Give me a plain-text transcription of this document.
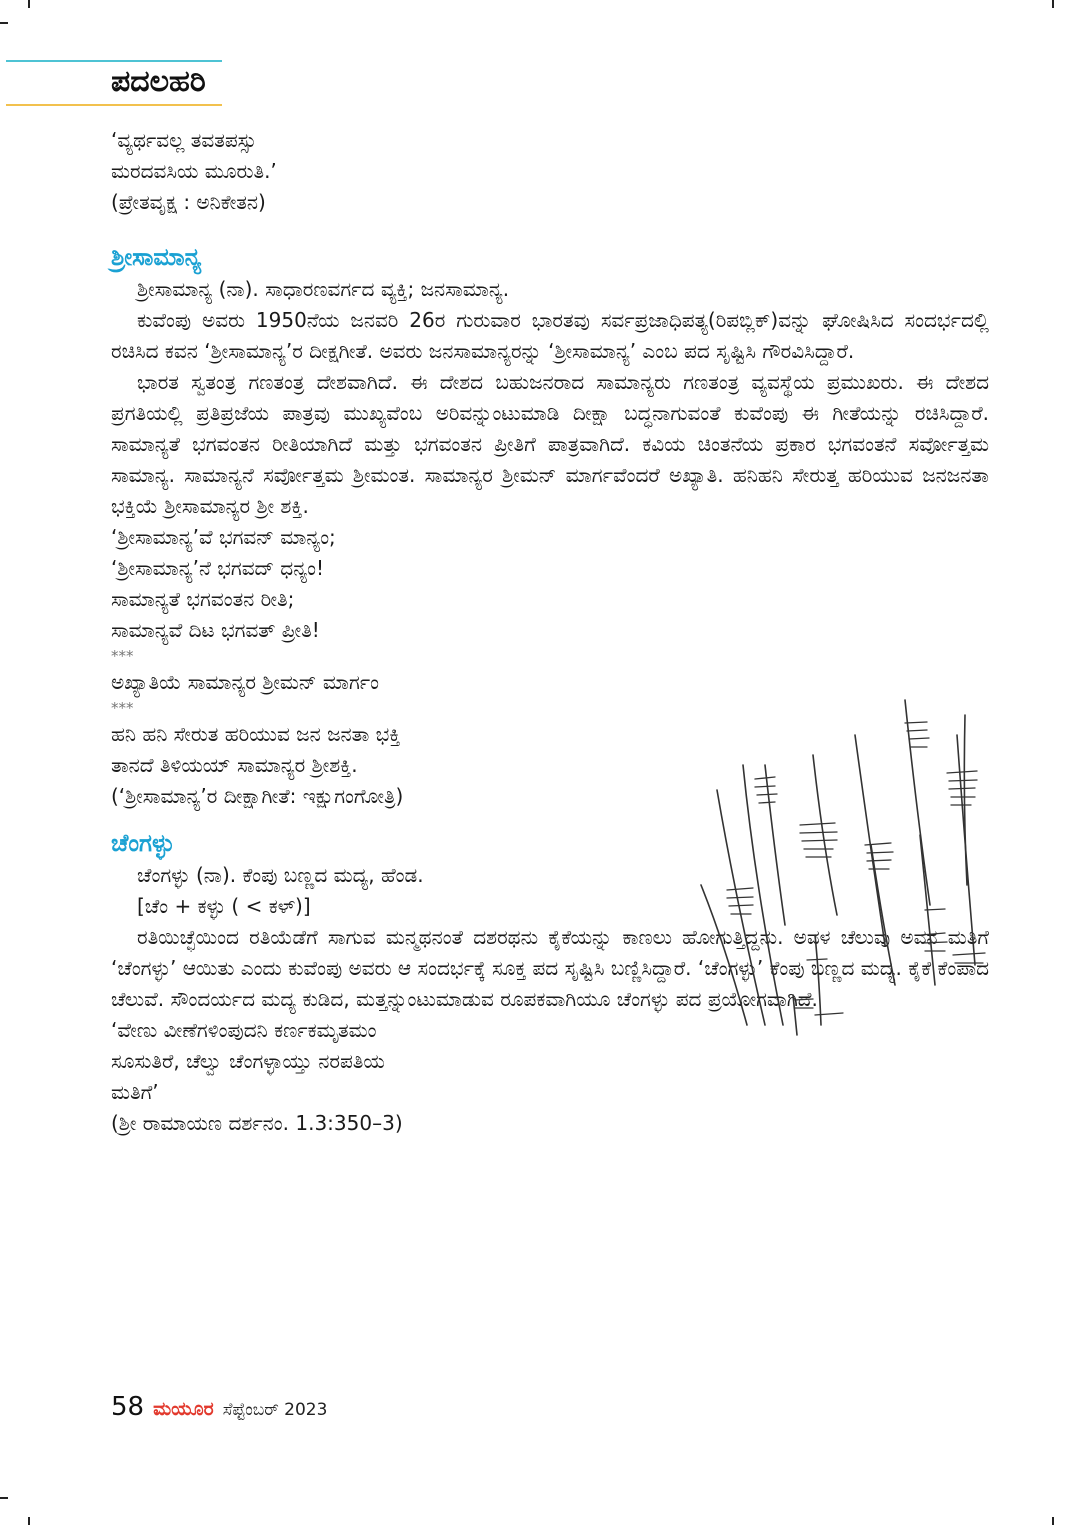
ಪದಲಹರಿ

‘ವ್ಯರ್ಥವಲ್ಲ ತವತಪಸ್ಸು
ಮರದವಸಿಯ ಮೂರುತಿ.’
(ಪ್ರೇತವೃಕ್ಷ : ಅನಿಕೇತನ)

ಶ್ರೀಸಾಮಾನ್ಯ

ಶ್ರೀಸಾಮಾನ್ಯ (ನಾ). ಸಾಧಾರಣವರ್ಗದ ವ್ಯಕ್ತಿ; ಜನಸಾಮಾನ್ಯ.

ಕುವೆಂಪು ಅವರು 1950ನೆಯ ಜನವರಿ 26ರ ಗುರುವಾರ ಭಾರತವು ಸರ್ವಪ್ರಜಾಧಿಪತ್ಯ(ರಿಪಬ್ಲಿಕ್)ವನ್ನು ಘೋಷಿಸಿದ ಸಂದರ್ಭದಲ್ಲಿ ರಚಿಸಿದ ಕವನ ‘ಶ್ರೀಸಾಮಾನ್ಯ’ರ ದೀಕ್ಷಗೀತೆ. ಅವರು ಜನಸಾಮಾನ್ಯರನ್ನು ‘ಶ್ರೀಸಾಮಾನ್ಯ’ ಎಂಬ ಪದ ಸೃಷ್ಟಿಸಿ ಗೌರವಿಸಿದ್ದಾರೆ.

ಭಾರತ ಸ್ವತಂತ್ರ ಗಣತಂತ್ರ ದೇಶವಾಗಿದೆ. ಈ ದೇಶದ ಬಹುಜನರಾದ ಸಾಮಾನ್ಯರು ಗಣತಂತ್ರ ವ್ಯವಸ್ಥೆಯ ಪ್ರಮುಖರು. ಈ ದೇಶದ ಪ್ರಗತಿಯಲ್ಲಿ ಪ್ರತಿಪ್ರಜೆಯ ಪಾತ್ರವು ಮುಖ್ಯವೆಂಬ ಅರಿವನ್ನುಂಟುಮಾಡಿ ದೀಕ್ಷಾ ಬದ್ಧನಾಗುವಂತೆ ಕುವೆಂಪು ಈ ಗೀತೆಯನ್ನು ರಚಿಸಿದ್ದಾರೆ. ಸಾಮಾನ್ಯತೆ ಭಗವಂತನ ರೀತಿಯಾಗಿದೆ ಮತ್ತು ಭಗವಂತನ ಪ್ರೀತಿಗೆ ಪಾತ್ರವಾಗಿದೆ. ಕವಿಯ ಚಿಂತನೆಯ ಪ್ರಕಾರ ಭಗವಂತನೆ ಸರ್ವೋತ್ತಮ ಸಾಮಾನ್ಯ. ಸಾಮಾನ್ಯನೆ ಸರ್ವೋತ್ತಮ ಶ್ರೀಮಂತ. ಸಾಮಾನ್ಯರ ಶ್ರೀಮನ್ ಮಾರ್ಗವೆಂದರೆ ಅಖ್ಯಾತಿ. ಹನಿಹನಿ ಸೇರುತ್ತ ಹರಿಯುವ ಜನಜನತಾ ಭಕ್ತಿಯೆ ಶ್ರೀಸಾಮಾನ್ಯರ ಶ್ರೀ ಶಕ್ತಿ.

‘ಶ್ರೀಸಾಮಾನ್ಯ’ವೆ ಭಗವನ್ ಮಾನ್ಯಂ;
‘ಶ್ರೀಸಾಮಾನ್ಯ’ನೆ ಭಗವದ್ ಧನ್ಯಂ!
ಸಾಮಾನ್ಯತೆ ಭಗವಂತನ ರೀತಿ;
ಸಾಮಾನ್ಯವೆ ದಿಟ ಭಗವತ್ ಪ್ರೀತಿ!

***

ಅಖ್ಯಾತಿಯೆ ಸಾಮಾನ್ಯರ ಶ್ರೀಮನ್ ಮಾರ್ಗಂ

***

ಹನಿ ಹನಿ ಸೇರುತ ಹರಿಯುವ ಜನ ಜನತಾ ಭಕ್ತಿ
ತಾನದೆ ತಿಳಿಯಯ್ ಸಾಮಾನ್ಯರ ಶ್ರೀಶಕ್ತಿ.
(‘ಶ್ರೀಸಾಮಾನ್ಯ’ರ ದೀಕ್ಷಾಗೀತೆ: ಇಕ್ಷುಗಂಗೋತ್ರಿ)

ಚೆಂಗಳ್ಳು

ಚೆಂಗಳ್ಳು (ನಾ). ಕೆಂಪು ಬಣ್ಣದ ಮದ್ಯ, ಹೆಂಡ.

[ಚೆಂ + ಕಳ್ಳು ( < ಕಳ್)]

ರತಿಯಿಚ್ಛೆಯಿಂದ ರತಿಯೆಡೆಗೆ ಸಾಗುವ ಮನ್ಮಥನಂತೆ ದಶರಥನು ಕೈಕೆಯನ್ನು ಕಾಣಲು ಹೋಗುತ್ತಿದ್ದನು. ಅವಳ ಚೆಲುವು ಅವನ ಮತಿಗೆ ‘ಚೆಂಗಳ್ಳು’ ಆಯಿತು ಎಂದು ಕುವೆಂಪು ಅವರು ಆ ಸಂದರ್ಭಕ್ಕೆ ಸೂಕ್ತ ಪದ ಸೃಷ್ಟಿಸಿ ಬಣ್ಣಿಸಿದ್ದಾರೆ. ‘ಚೆಂಗಳ್ಳು’ ಕೆಂಪು ಬಣ್ಣದ ಮದ್ಯ. ಕೈಕೆ ಕೆಂಪಾದ ಚೆಲುವೆ. ಸೌಂದರ್ಯದ ಮದ್ಯ ಕುಡಿದ, ಮತ್ತನ್ನುಂಟುಮಾಡುವ ರೂಪಕವಾಗಿಯೂ ಚೆಂಗಳ್ಳು ಪದ ಪ್ರಯೋಗವಾಗಿದೆ.

‘ವೇಣು ವೀಣೆಗಳಿಂಪುದನಿ ಕರ್ಣಕಮೃತಮಂ
ಸೂಸುತಿರೆ, ಚೆಲ್ವು ಚೆಂಗಳ್ಳಾಯ್ತು ನರಪತಿಯ
ಮತಿಗೆ’
(ಶ್ರೀ ರಾಮಾಯಣ ದರ್ಶನಂ. 1.3:350–3)

58 ಮಯೂರ ಸೆಪ್ಟೆಂಬರ್ 2023
